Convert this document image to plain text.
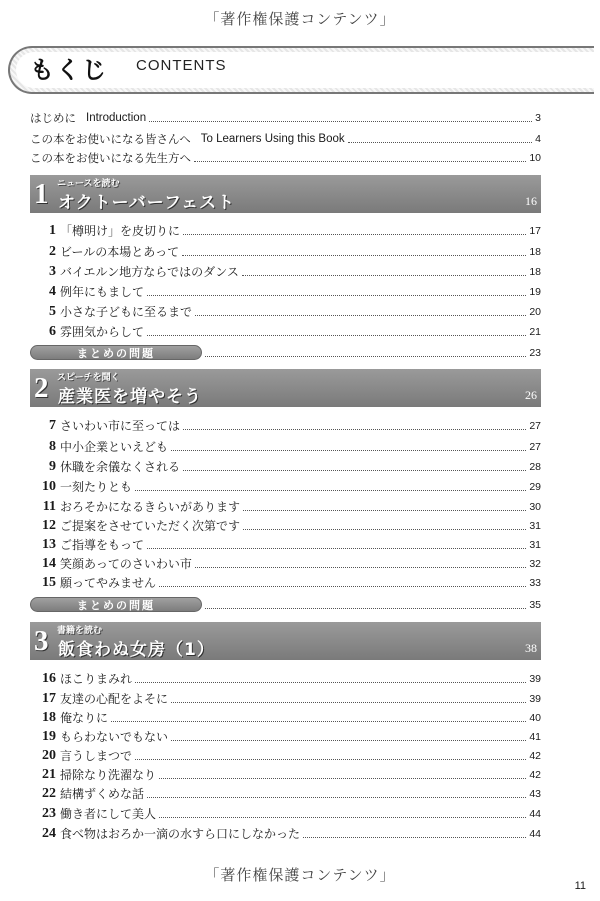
「著作権保護コンテンツ」
もくじ CONTENTS
はじめに Introduction	3
この本をお使いになる皆さんへ To Learners Using this Book	4
この本をお使いになる先生方へ	10
1 ニュースを読む
オクトーバーフェスト	16
1 「樽明け」を皮切りに	17
2 ビールの本場とあって	18
3 バイエルン地方ならではのダンス	18
4 例年にもまして	19
5 小さな子どもに至るまで	20
6 雰囲気からして	21
まとめの問題	23
2 スピーチを聞く
産業医を増やそう	26
7 さいわい市に至っては	27
8 中小企業といえども	27
9 休職を余儀なくされる	28
10 一刻たりとも	29
11 おろそかになるきらいがあります	30
12 ご提案をさせていただく次第です	31
13 ご指導をもって	31
14 笑顔あってのさいわい市	32
15 願ってやみません	33
まとめの問題	35
3 書籍を読む
飯食わぬ女房（1）	38
16 ほこりまみれ	39
17 友達の心配をよそに	39
18 俺なりに	40
19 もらわないでもない	41
20 言うしまつで	42
21 掃除なり洗濯なり	42
22 結構ずくめな話	43
23 働き者にして美人	44
24 食べ物はおろか一滴の水すら口にしなかった	44
「著作権保護コンテンツ」
11
